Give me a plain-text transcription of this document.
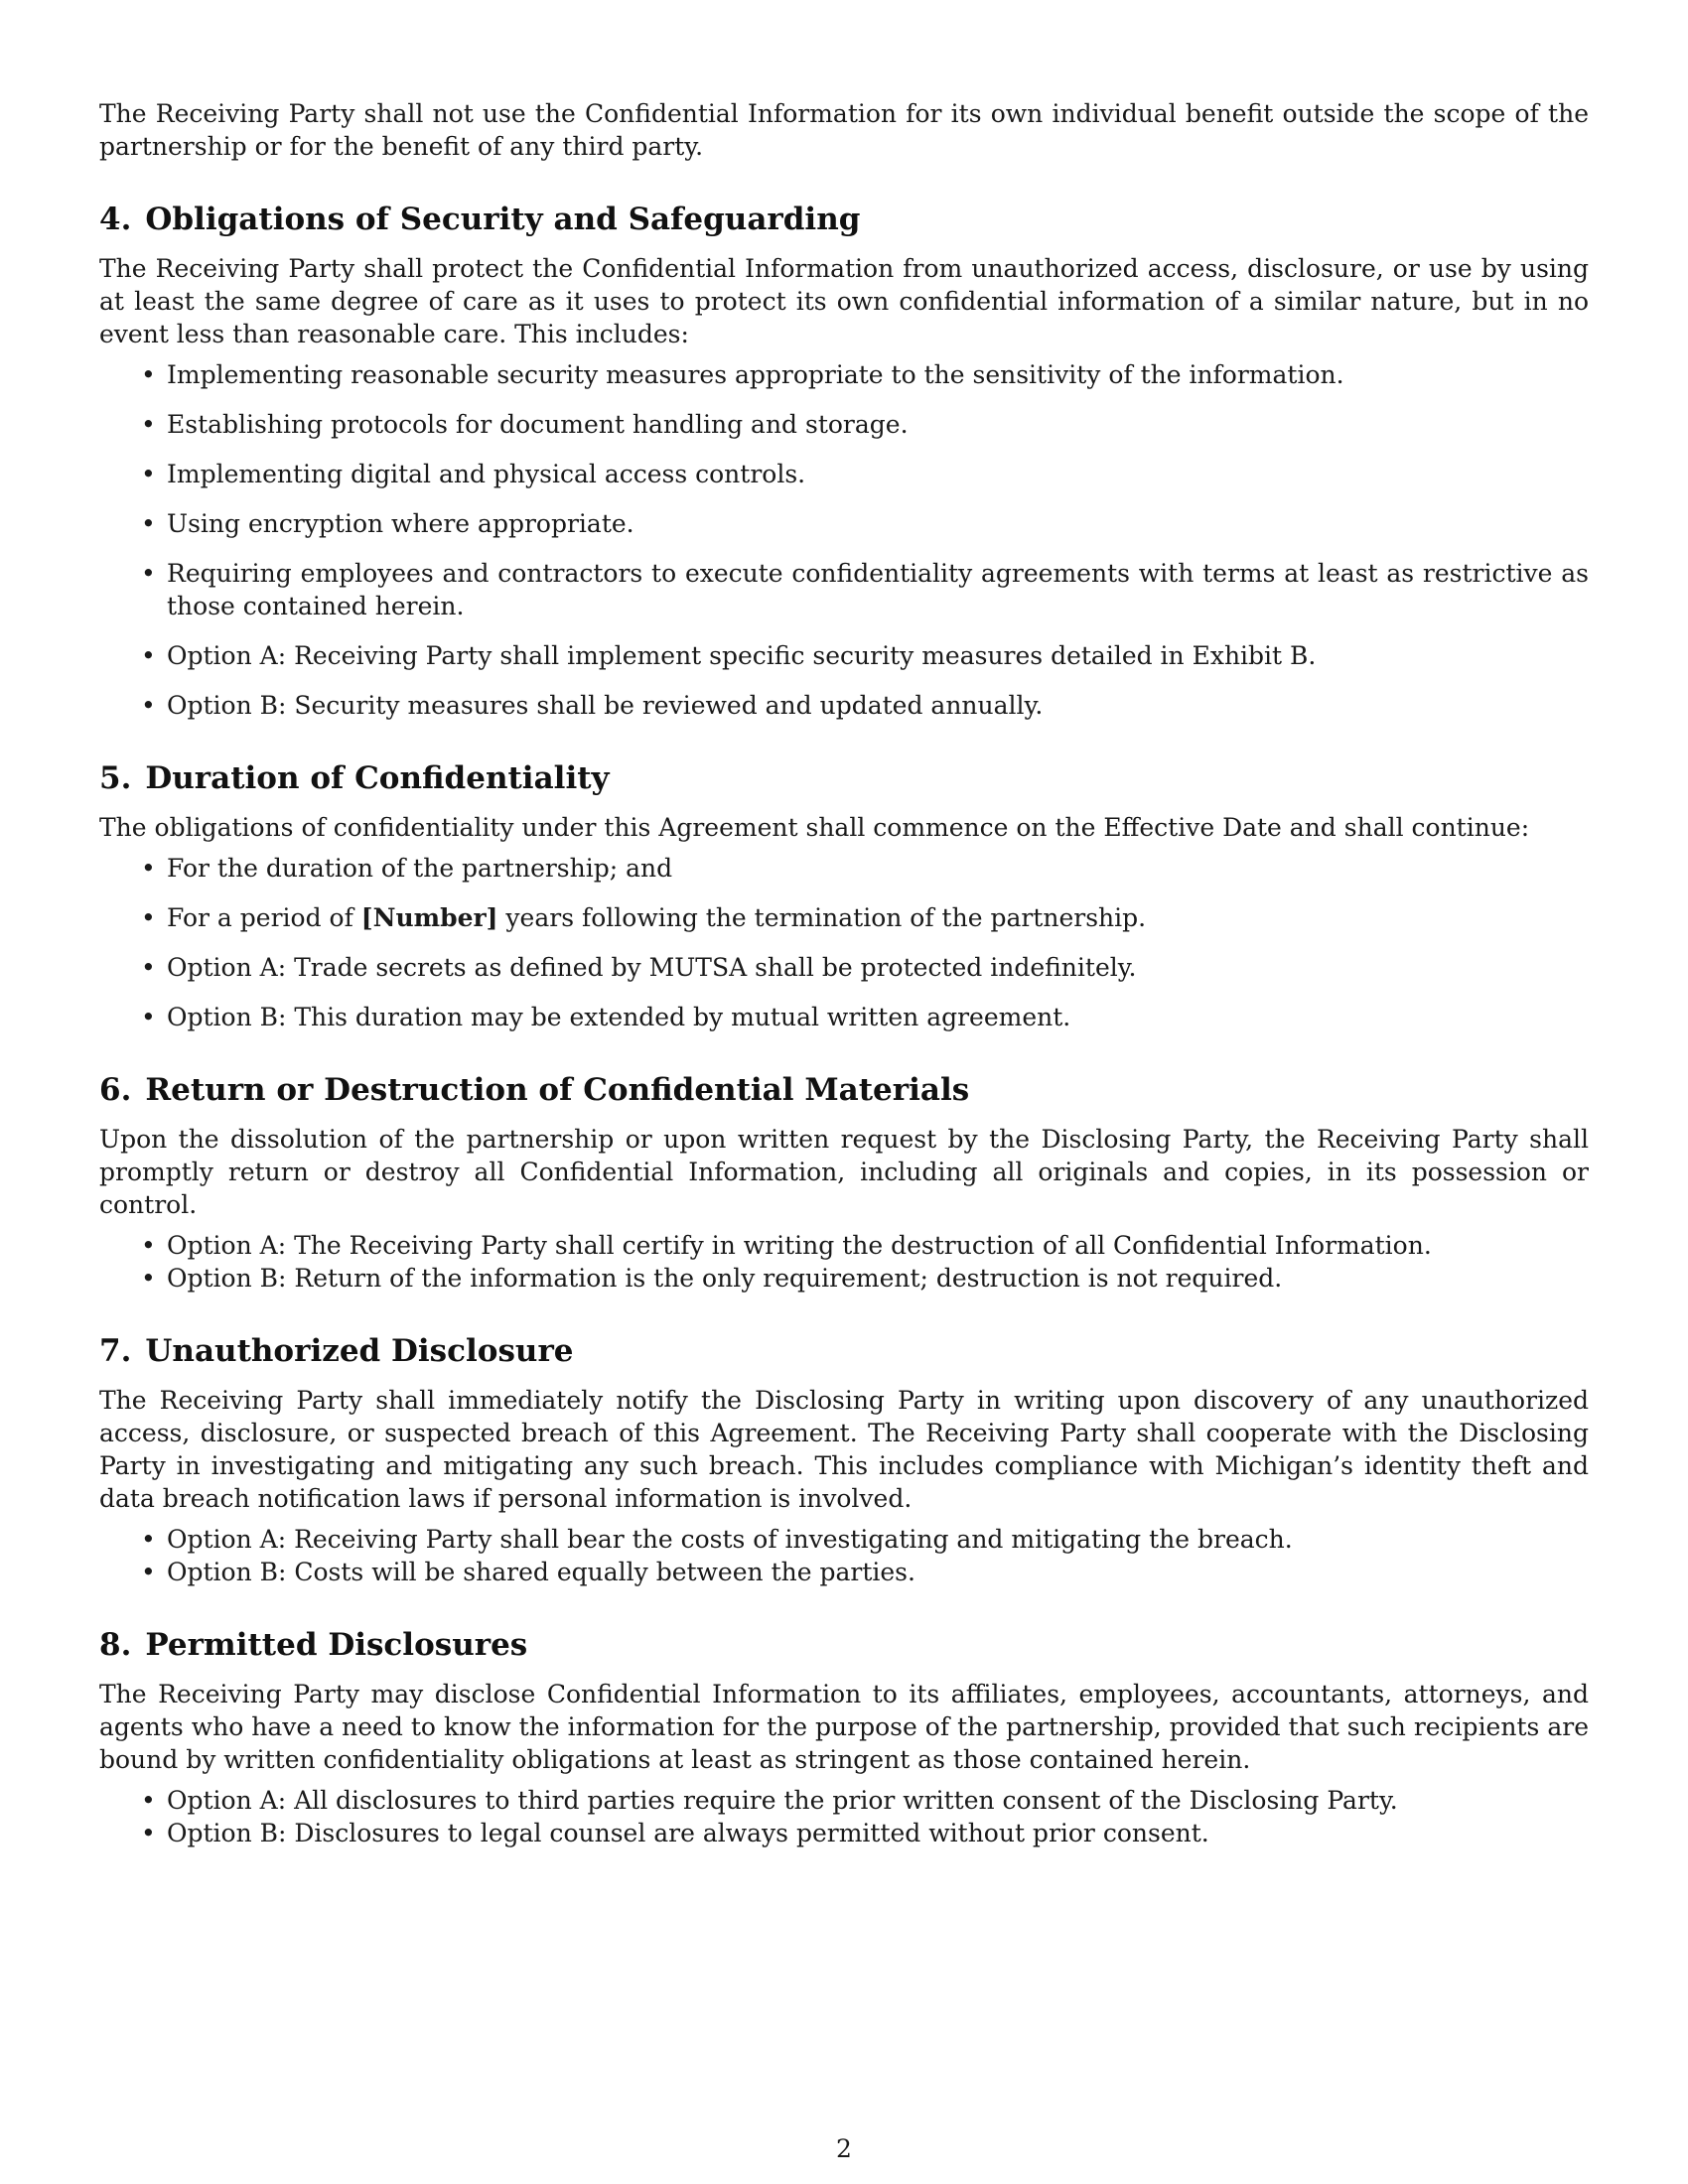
The Receiving Party shall not use the Confidential Information for its own individual benefit outside the scope of the partnership or for the benefit of any third party.

4. Obligations of Security and Safeguarding

The Receiving Party shall protect the Confidential Information from unauthorized access, disclosure, or use by using at least the same degree of care as it uses to protect its own confidential information of a similar nature, but in no event less than reasonable care. This includes:

• Implementing reasonable security measures appropriate to the sensitivity of the information.
• Establishing protocols for document handling and storage.
• Implementing digital and physical access controls.
• Using encryption where appropriate.
• Requiring employees and contractors to execute confidentiality agreements with terms at least as restrictive as those contained herein.
• Option A: Receiving Party shall implement specific security measures detailed in Exhibit B.
• Option B: Security measures shall be reviewed and updated annually.
5. Duration of Confidentiality

The obligations of confidentiality under this Agreement shall commence on the Effective Date and shall continue:

• For the duration of the partnership; and
• For a period of [Number] years following the termination of the partnership.
• Option A: Trade secrets as defined by MUTSA shall be protected indefinitely.
• Option B: This duration may be extended by mutual written agreement.
6. Return or Destruction of Confidential Materials

Upon the dissolution of the partnership or upon written request by the Disclosing Party, the Receiving Party shall promptly return or destroy all Confidential Information, including all originals and copies, in its possession or control.

• Option A: The Receiving Party shall certify in writing the destruction of all Confidential Information.
• Option B: Return of the information is the only requirement; destruction is not required.
7. Unauthorized Disclosure

The Receiving Party shall immediately notify the Disclosing Party in writing upon discovery of any unauthorized access, disclosure, or suspected breach of this Agreement. The Receiving Party shall cooperate with the Disclosing Party in investigating and mitigating any such breach. This includes compliance with Michigan’s identity theft and data breach notification laws if personal information is involved.

• Option A: Receiving Party shall bear the costs of investigating and mitigating the breach.
• Option B: Costs will be shared equally between the parties.
8. Permitted Disclosures

The Receiving Party may disclose Confidential Information to its affiliates, employees, accountants, attorneys, and agents who have a need to know the information for the purpose of the partnership, provided that such recipients are bound by written confidentiality obligations at least as stringent as those contained herein.

• Option A: All disclosures to third parties require the prior written consent of the Disclosing Party.
• Option B: Disclosures to legal counsel are always permitted without prior consent.
2
